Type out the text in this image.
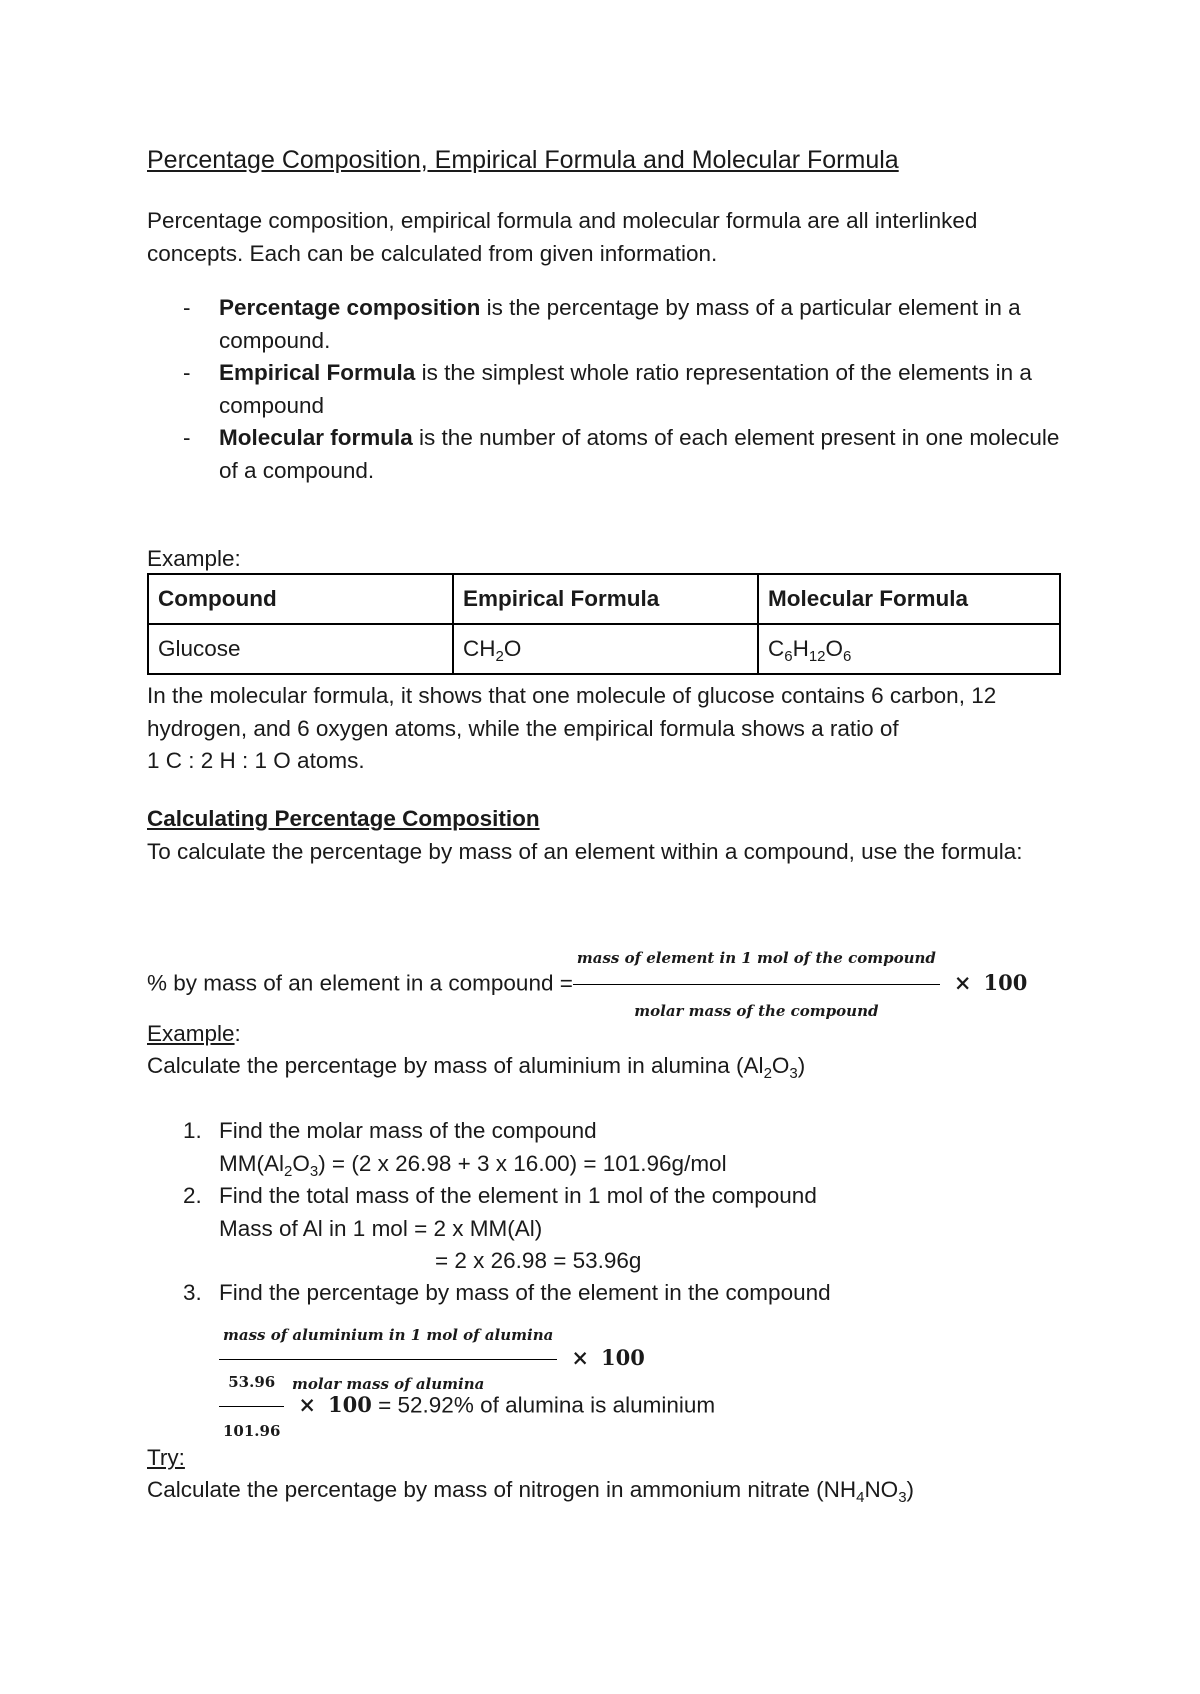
Percentage Composition, Empirical Formula and Molecular Formula
Percentage composition, empirical formula and molecular formula are all interlinked concepts. Each can be calculated from given information.
- Percentage composition is the percentage by mass of a particular element in a compound.
- Empirical Formula is the simplest whole ratio representation of the elements in a compound
- Molecular formula is the number of atoms of each element present in one molecule of a compound.
Example:
Compound	Empirical Formula	Molecular Formula
Glucose	$CH_2O$	$C_6H_{12}O_6$
In the molecular formula, it shows that one molecule of glucose contains 6 carbon, 12 hydrogen, and 6 oxygen atoms, while the empirical formula shows a ratio of
1 C : 2 H : 1 O atoms.
Calculating Percentage Composition
To calculate the percentage by mass of an element within a compound, use the formula:
% by mass of an element in a compound = $\frac{\text{mass of element in 1 mol of the compound}}{\text{molar mass of the compound}} \times 100$
Example:
Calculate the percentage by mass of aluminium in alumina $(Al_2O_3)$
1. Find the molar mass of the compound
$MM(Al_2O_3) = (2$ x 26.98 + 3 x 16.00) = 101.96g/mol
2. Find the total mass of the element in 1 mol of the compound
Mass of Al in 1 mol = 2 x MM(Al)
= 2 x 26.98 = 53.96g
3. Find the percentage by mass of the element in the compound
$\frac{\text{mass of aluminium in 1 mol of alumina}}{\text{molar mass of alumina}} \times 100$
$\frac{53.96}{101.96} \times 100 = 52.92\%$ of alumina is aluminium
Try:
Calculate the percentage by mass of nitrogen in ammonium nitrate $(NH_4NO_3)$
